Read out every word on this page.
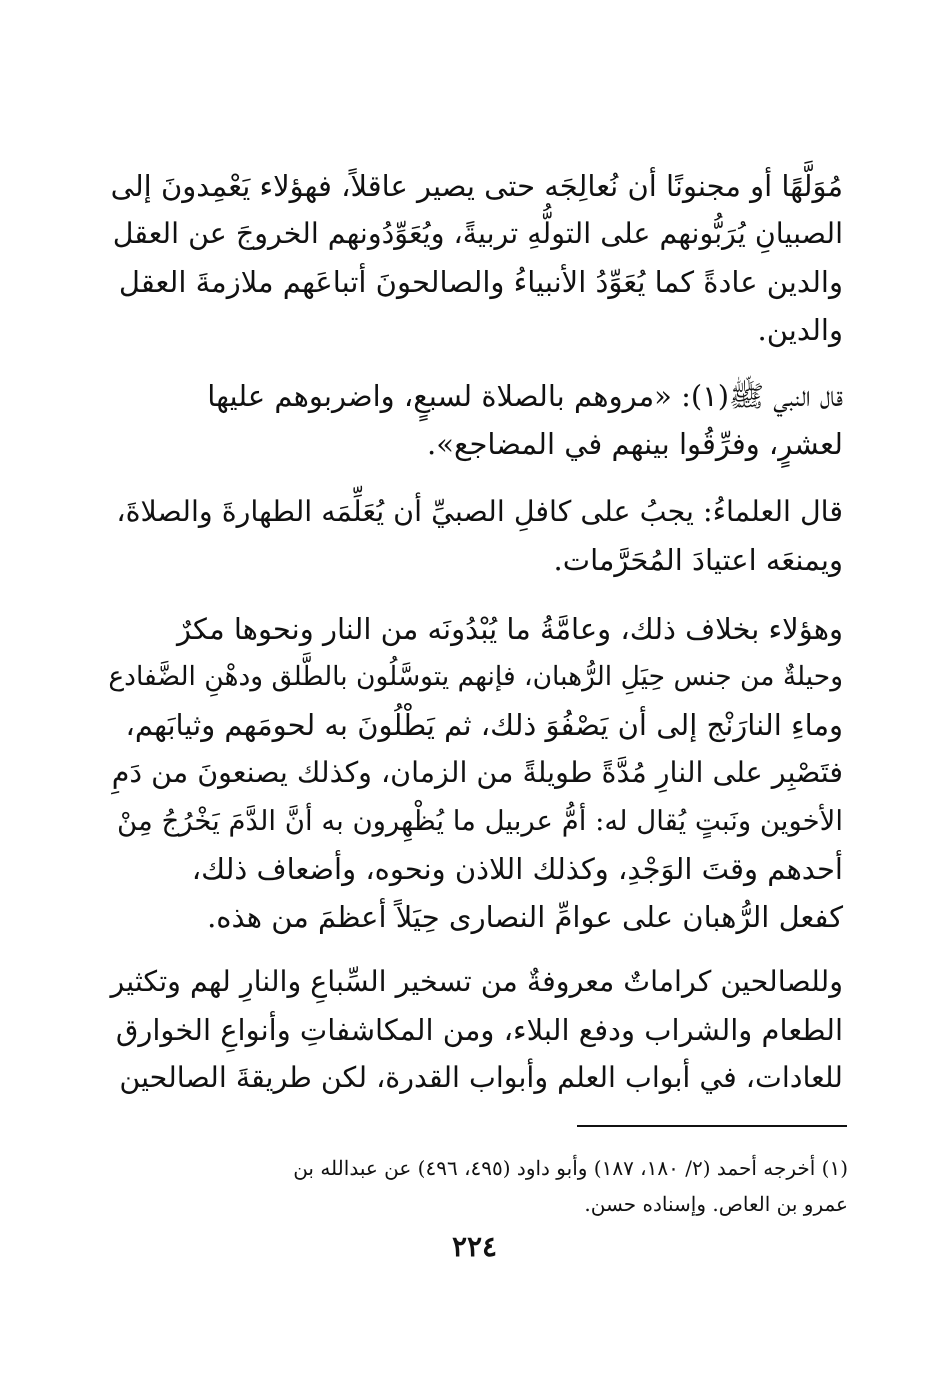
مُوَلَّهًا أو مجنونًا أن نُعالِجَه حتى يصير عاقلاً، فهؤلاء يَعْمِدونَ إلى
الصبيانِ يُرَبُّونهم على التولُّهِ تربيةً، ويُعَوِّدُونهم الخروجَ عن العقل
والدين عادةً كما يُعَوِّدُ الأنبياءُ والصالحونَ أتباعَهم ملازمةَ العقل
والدين.
قال النبي ﷺ(١): «مروهم بالصلاة لسبعٍ، واضربوهم عليها
لعشرٍ، وفرِّقُوا بينهم في المضاجع».
قال العلماءُ: يجبُ على كافلِ الصبيِّ أن يُعَلِّمَه الطهارةَ والصلاةَ،
ويمنعَه اعتيادَ المُحَرَّمات.
وهؤلاء بخلاف ذلك، وعامَّةُ ما يُبْدُونَه من النار ونحوها مكرٌ
وحيلةٌ من جنس حِيَلِ الرُّهبان، فإنهم يتوسَّلُون بالطَّلق ودهْنِ الضَّفادع
وماءِ النارَنْج إلى أن يَصْفُوَ ذلك، ثم يَطْلُونَ به لحومَهم وثيابَهم،
فتَصْبِر على النارِ مُدَّةً طويلةً من الزمان، وكذلك يصنعونَ من دَمِ
الأخوين ونَبتٍ يُقال له: أمُّ عربيل ما يُظْهِرون به أنَّ الدَّمَ يَخْرُجُ مِنْ
أحدهم وقتَ الوَجْدِ، وكذلك اللاذن ونحوه، وأضعاف ذلك،
كفعل الرُّهبان على عوامِّ النصارى حِيَلاً أعظمَ من هذه.
وللصالحين كراماتٌ معروفةٌ من تسخير السِّباعِ والنارِ لهم وتكثير
الطعام والشراب ودفع البلاء، ومن المكاشفاتِ وأنواعِ الخوارق
للعادات، في أبواب العلم وأبواب القدرة، لكن طريقةَ الصالحين
(١) أخرجه أحمد (٢/ ١٨٠، ١٨٧) وأبو داود (٤٩٥، ٤٩٦) عن عبدالله بن
عمرو بن العاص. وإسناده حسن.
٢٢٤
